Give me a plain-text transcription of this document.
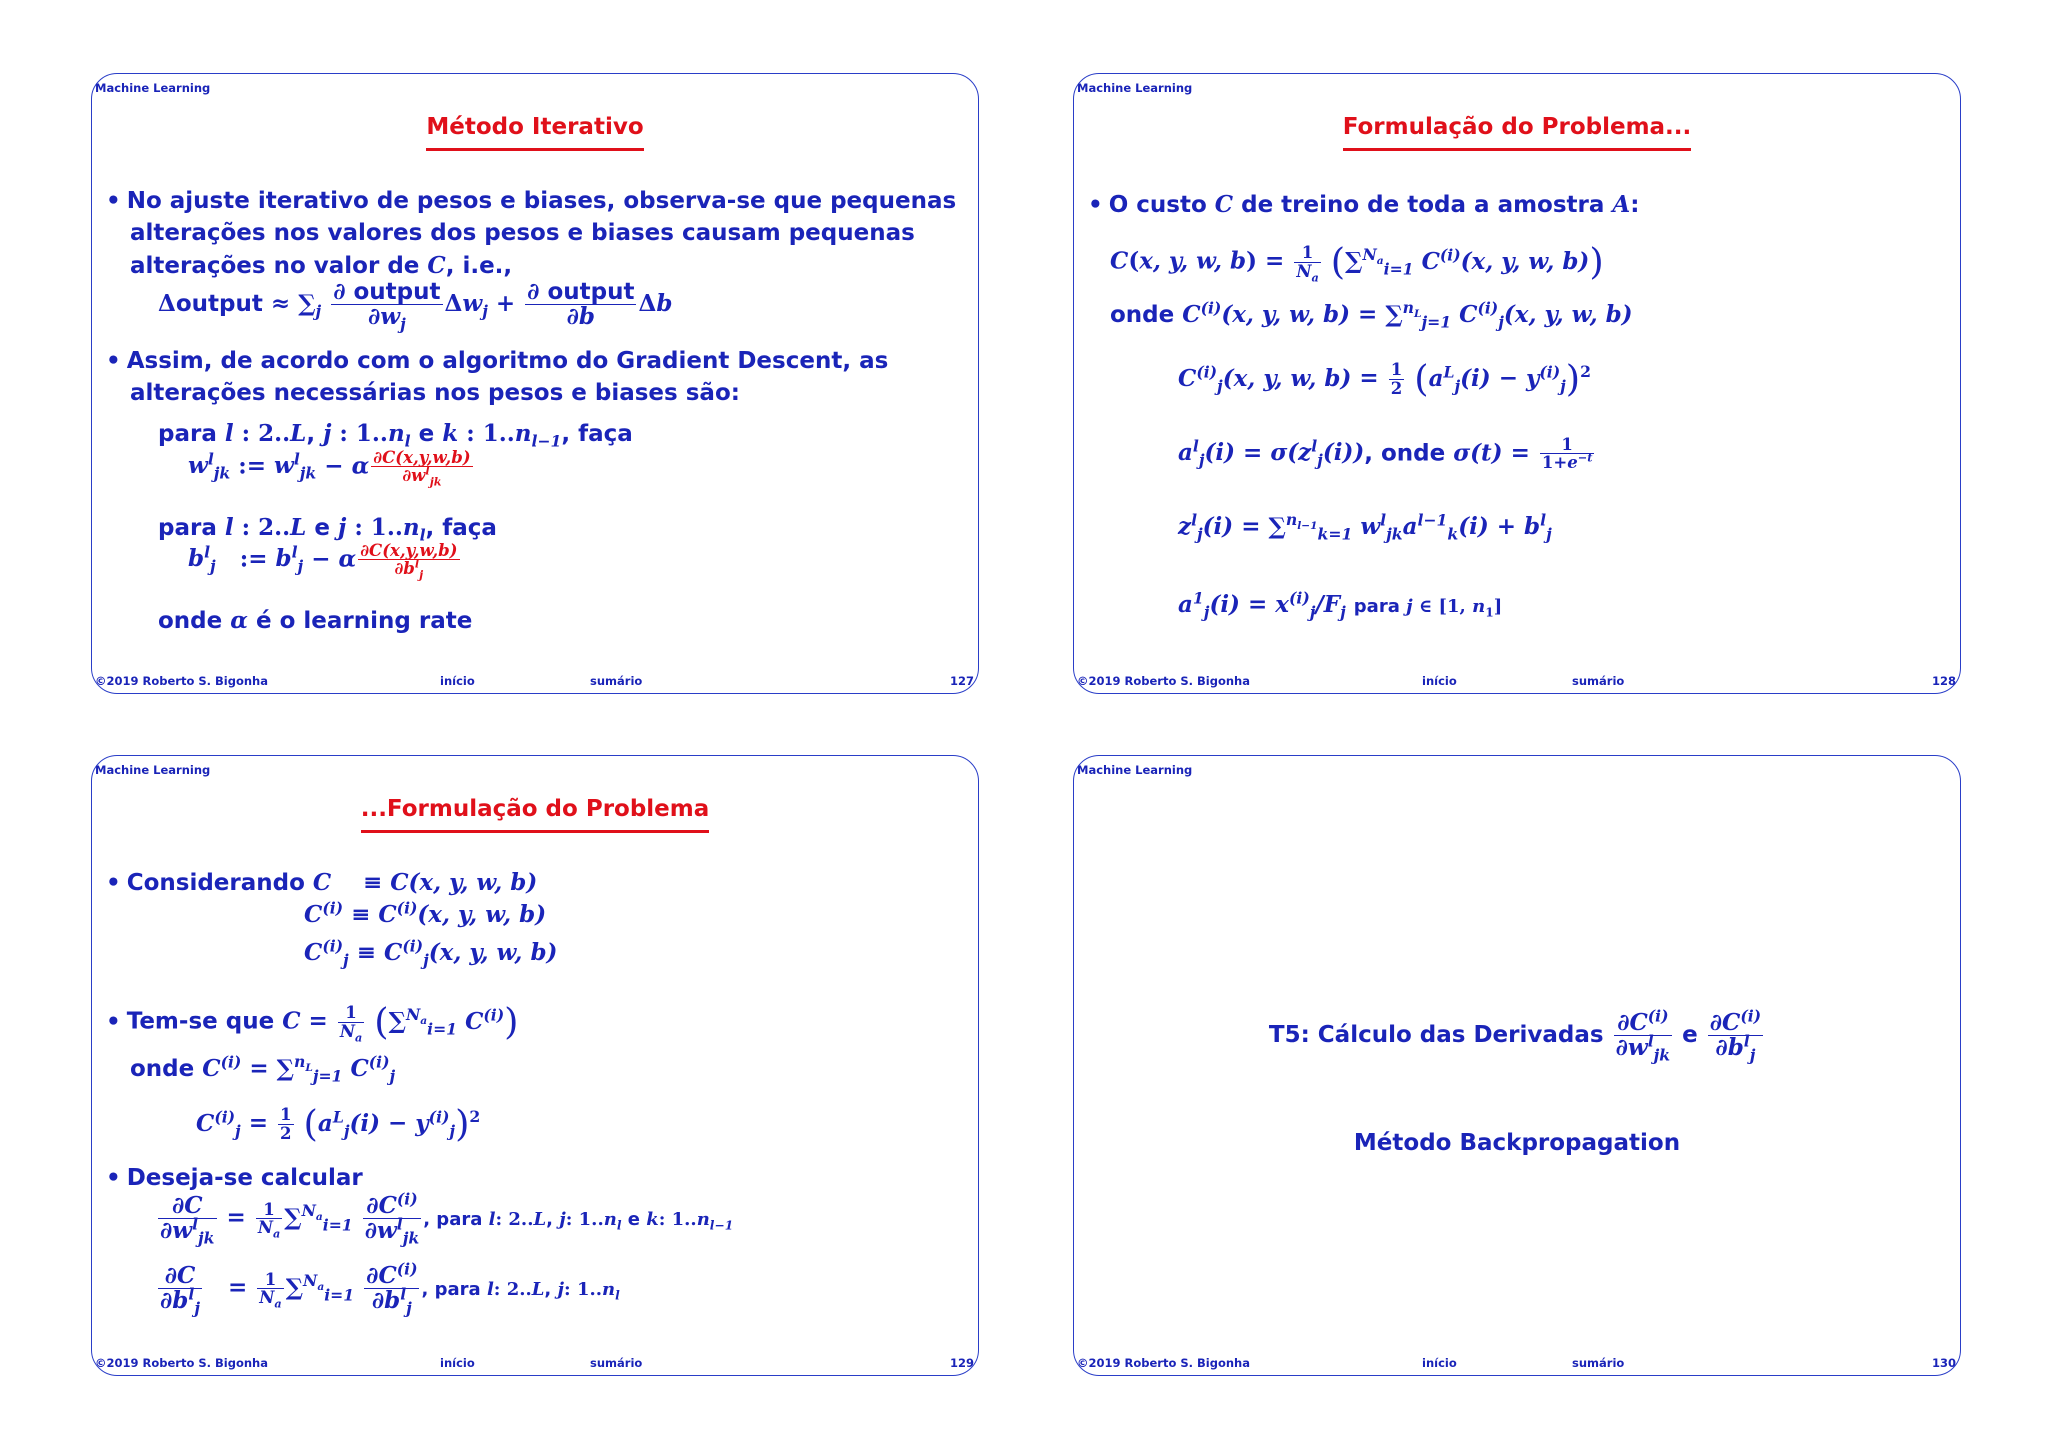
Machine Learning
Método Iterativo
• No ajuste iterativo de pesos e biases, observa-se que pequenas
alterações nos valores dos pesos e biases causam pequenas
alterações no valor de C, i.e.,
Δoutput ≈ $\sum_j \frac{\text{∂ output}}{\partial w_j} \Delta w_j + \frac{\text{∂ output}}{\partial b}$ Δb
• Assim, de acordo com o algoritmo do Gradient Descent, as
alterações necessárias nos pesos e biases são:
para l : 2..L, j : $1..n_l$ e k : $1..n_{l-1}$, faça
$w^l_{jk}$ := $w^l_{jk} - \alpha \frac{\partial C(x,y,w,b)}{\partial w^l_{jk}}$
para l : 2..L e j : $1..n_l$, faça
$b^l_j$ := $b^l_j - \alpha \frac{\partial C(x,y,w,b)}{\partial b^l_j}$
onde α é o learning rate
©2019 Roberto S. Bigonha	início	sumário	127
Machine Learning
Formulação do Problema...
• O custo C de treino de toda a amostra A:
C(x, y, w, $b) = \frac{1}{N_a} (\sum^{N_a}_{i=1}$ $C^{(i)}(x$, y, w, b))
onde $C^{(i)}(x$, y, w, b) = ∑$^{n_L}_{j=1}$ $C^{(i)}_j(x$, y, w, b)
$C^{(i)}_j(x$, y, w, $b) = \frac{1}{2} (a^L_j(i) - y^{(i)}_j)^2$
$a^l_j(i) = \sigma(z^l_j(i))$, onde $\sigma(t) = \frac{1}{1+e^{-t}}$
$z^l_j(i) = \sum^{n_{l-1}}_{k=1}$ $w^l_{jk}a^{l-1}_k(i) + b^l_j$
$a^1_j(i) = x^{(i)}_j/F_j$ para j ∈ [1, $n_1$]
©2019 Roberto S. Bigonha	início	sumário	128
Machine Learning
...Formulação do Problema
• Considerando C ≡ C(x, y, w, b)
$C^{(i)} \equiv C^{(i)}(x$, y, w, b)
$C^{(i)}_j \equiv C^{(i)}_j(x$, y, w, b)
• Tem-se que $C = \frac{1}{N_a} (\sum^{N_a}_{i=1}$ $C^{(i)}$)
onde $C^{(i)} = \sum^{n_L}_{j=1}$ $C^{(i)}_j$
$C^{(i)}_j = \frac{1}{2} (a^L_j(i) - y^{(i)}_j)^2$
• Deseja-se calcular
$\frac{\partial C}{\partial w^l_{jk}} = \frac{1}{N_a} \sum^{N_a}_{i=1} \frac{\partial C^{(i)}}{\partial w^l_{jk}}$ , para l: 2..L, j: $1..n_l$ e k: $1..n_{l-1}$
$\frac{\partial C}{\partial b^l_j} = \frac{1}{N_a} \sum^{N_a}_{i=1} \frac{\partial C^{(i)}}{\partial b^l_j}$ , para l: 2..L, j: $1..n_l$
©2019 Roberto S. Bigonha	início	sumário	129
Machine Learning
T5: Cálculo das Derivadas $\frac{\partial C^{(i)}}{\partial w^l_{jk}}$ e $\frac{\partial C^{(i)}}{\partial b^l_j}$
Método Backpropagation
©2019 Roberto S. Bigonha	início	sumário	130
